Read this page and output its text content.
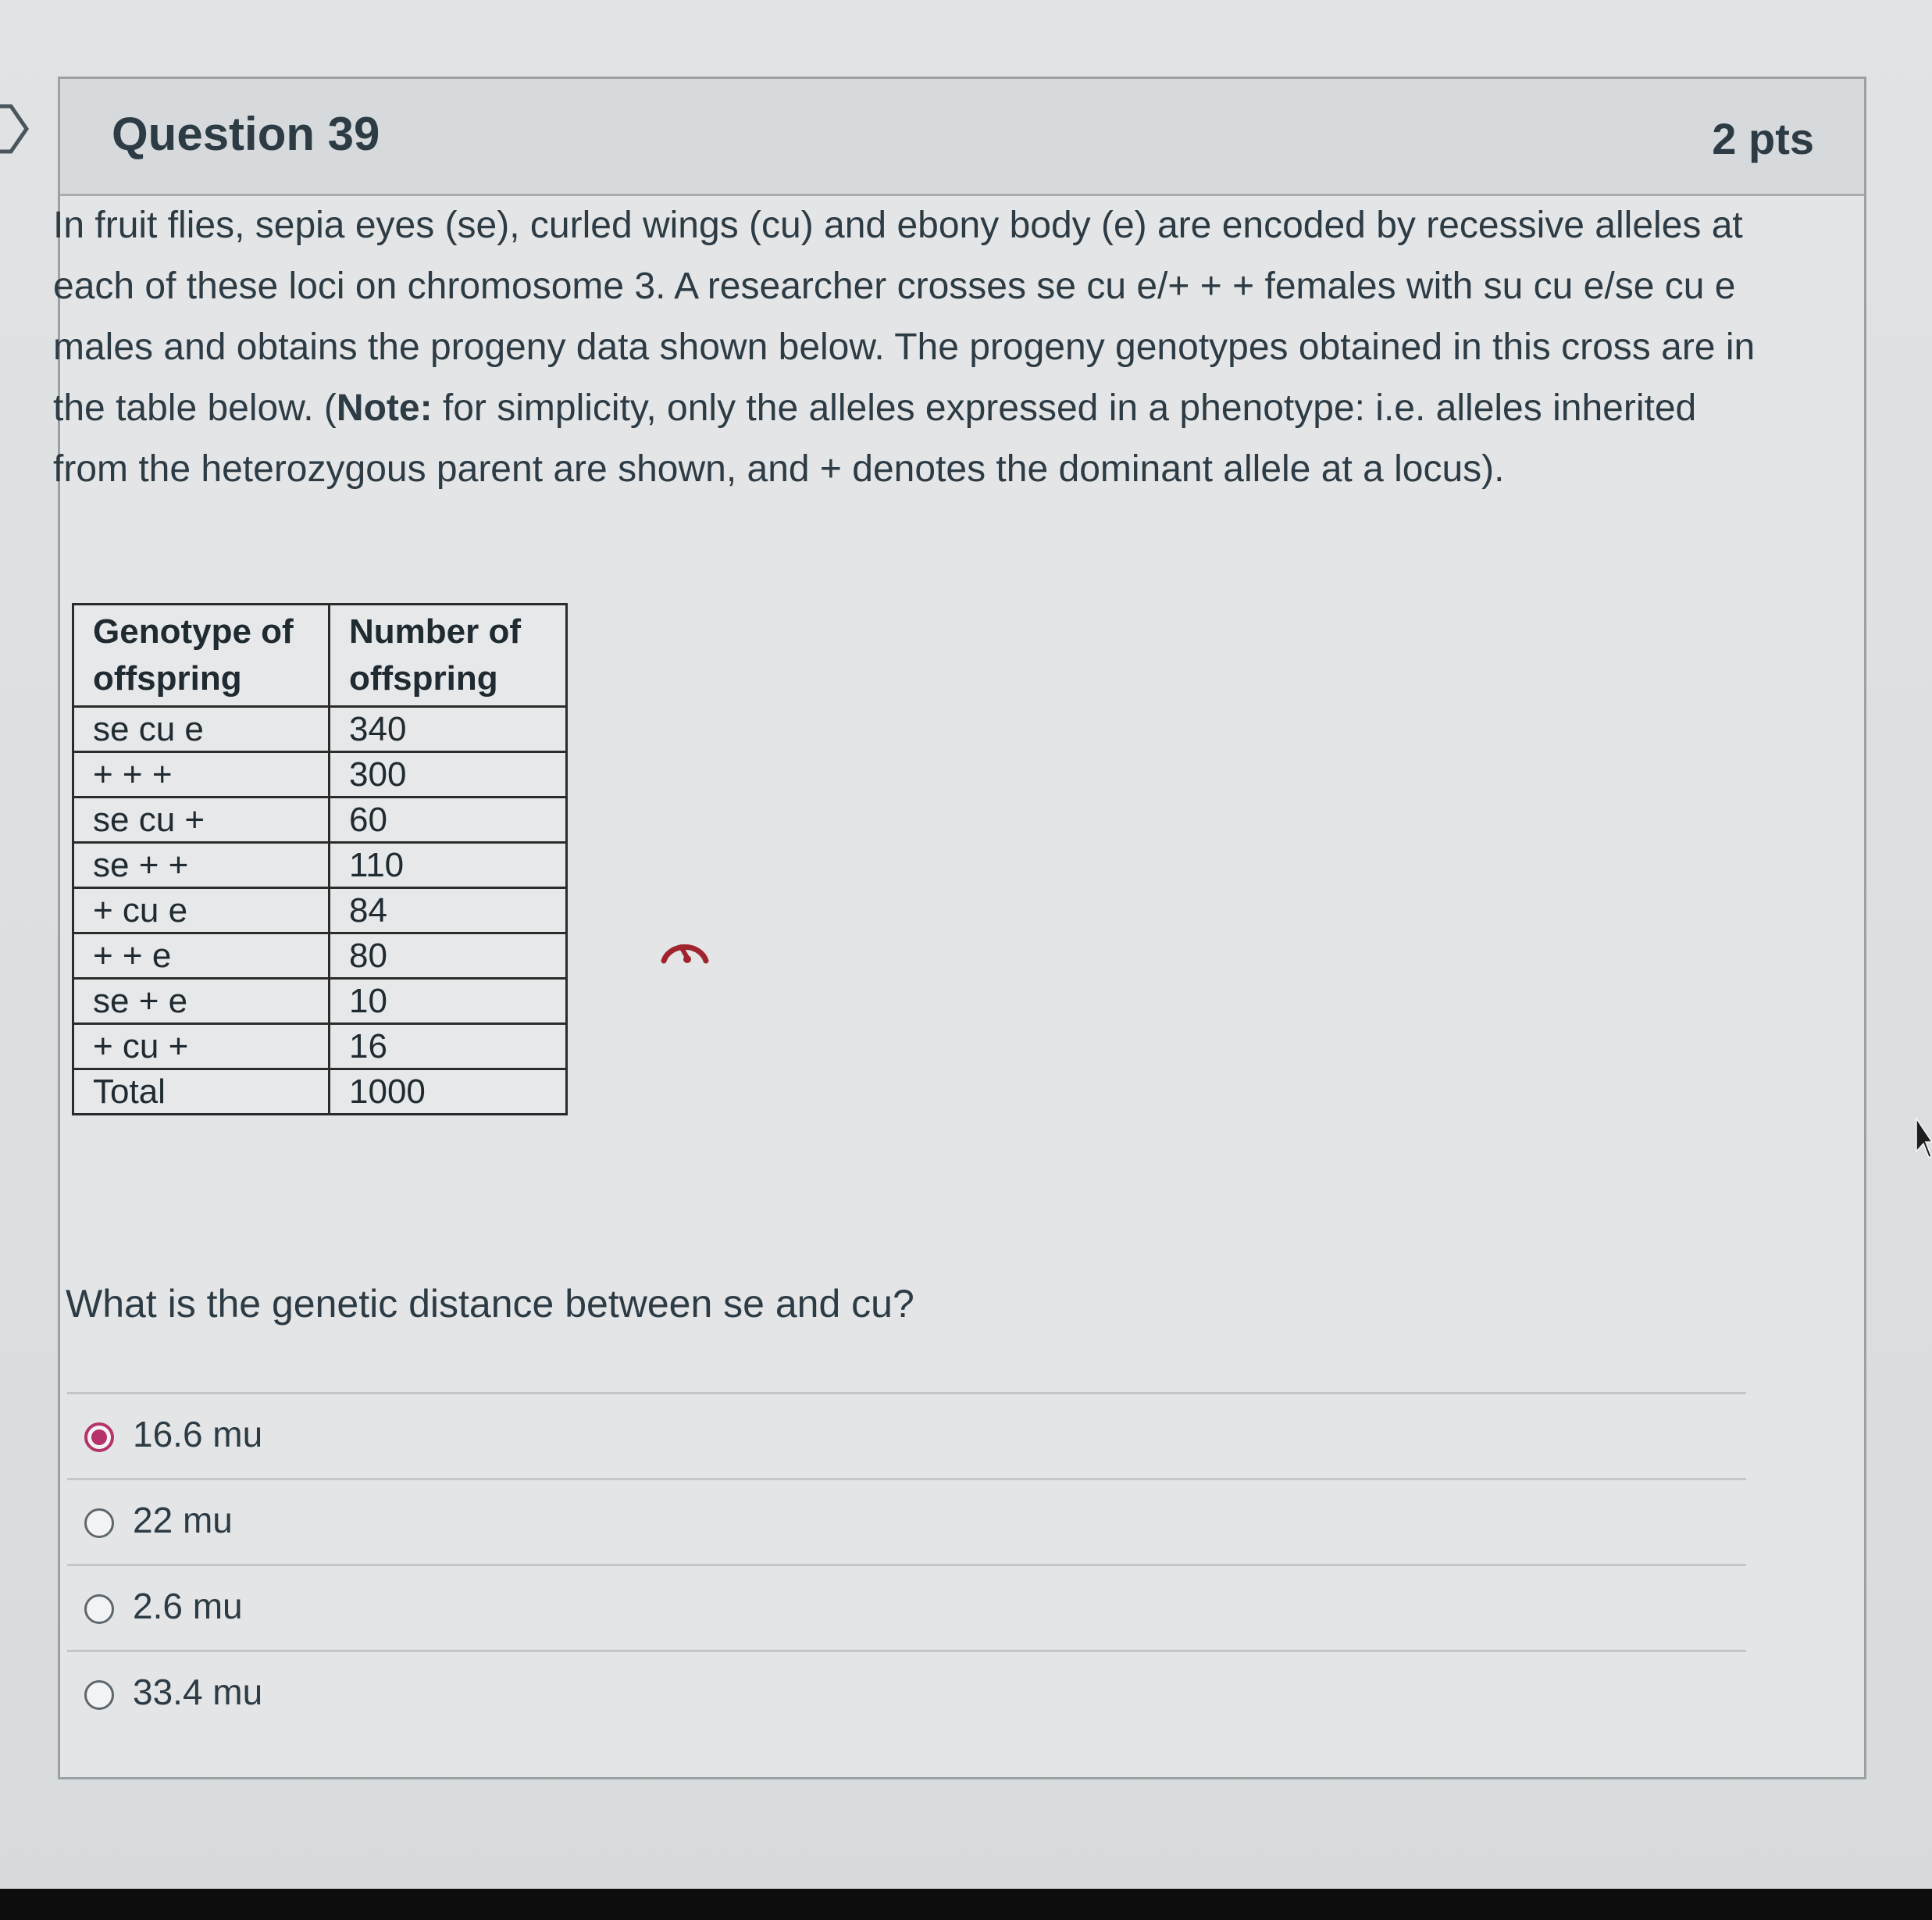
Question 39	2 pts
In fruit flies, sepia eyes (se), curled wings (cu) and ebony body (e) are encoded by recessive alleles at each of these loci on chromosome 3. A researcher crosses se cu e/+ + + females with su cu e/se cu e males and obtains the progeny data shown below. The progeny genotypes obtained in this cross are in the table below. (Note: for simplicity, only the alleles expressed in a phenotype: i.e. alleles inherited from the heterozygous parent are shown, and + denotes the dominant allele at a locus).
Genotype of offspring	Number of offspring
se cu e	340
+ + +	300
se cu +	60
se + +	110
+ cu e	84
+ + e	80
se + e	10
+ cu +	16
Total	1000
What is the genetic distance between se and cu?
16.6 mu
22 mu
2.6 mu
33.4 mu
